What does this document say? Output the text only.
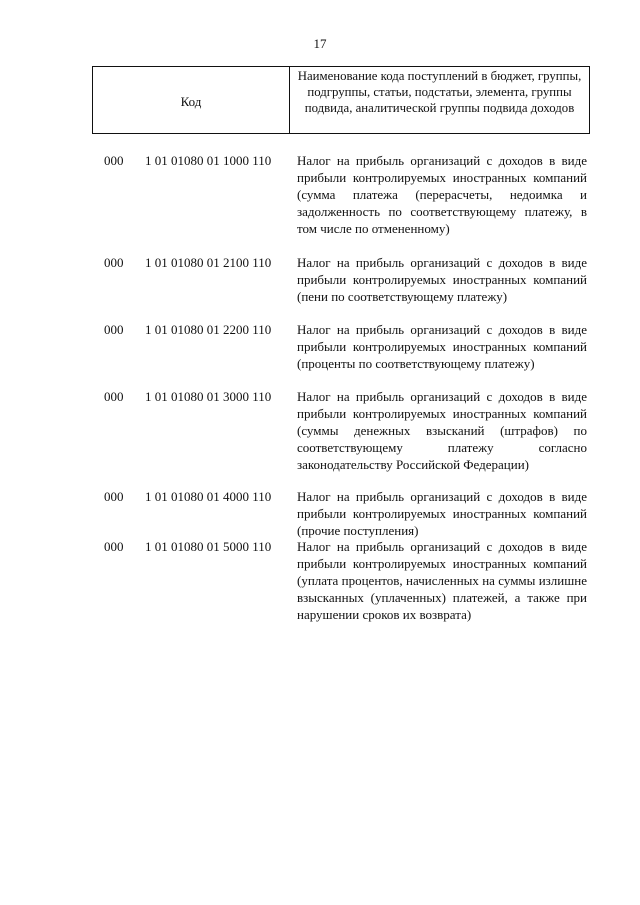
17
Код
Наименование кода поступлений в бюджет, группы, подгруппы, статьи, подстатьи, элемента, группы подвида, аналитической группы подвида доходов
000 1 01 01080 01 1000 110 Налог на прибыль организаций с доходов в виде прибыли контролируемых иностранных компаний (сумма платежа (перерасчеты, недоимка и задолженность по соответствующему платежу, в том числе по отмененному)
000 1 01 01080 01 2100 110 Налог на прибыль организаций с доходов в виде прибыли контролируемых иностранных компаний (пени по соответствующему платежу)
000 1 01 01080 01 2200 110 Налог на прибыль организаций с доходов в виде прибыли контролируемых иностранных компаний (проценты по соответствующему платежу)
000 1 01 01080 01 3000 110 Налог на прибыль организаций с доходов в виде прибыли контролируемых иностранных компаний (суммы денежных взысканий (штрафов) по соответствующему платежу согласно законодательству Российской Федерации)
000 1 01 01080 01 4000 110 Налог на прибыль организаций с доходов в виде прибыли контролируемых иностранных компаний (прочие поступления)
000 1 01 01080 01 5000 110 Налог на прибыль организаций с доходов в виде прибыли контролируемых иностранных компаний (уплата процентов, начисленных на суммы излишне взысканных (уплаченных) платежей, а также при нарушении сроков их возврата)
